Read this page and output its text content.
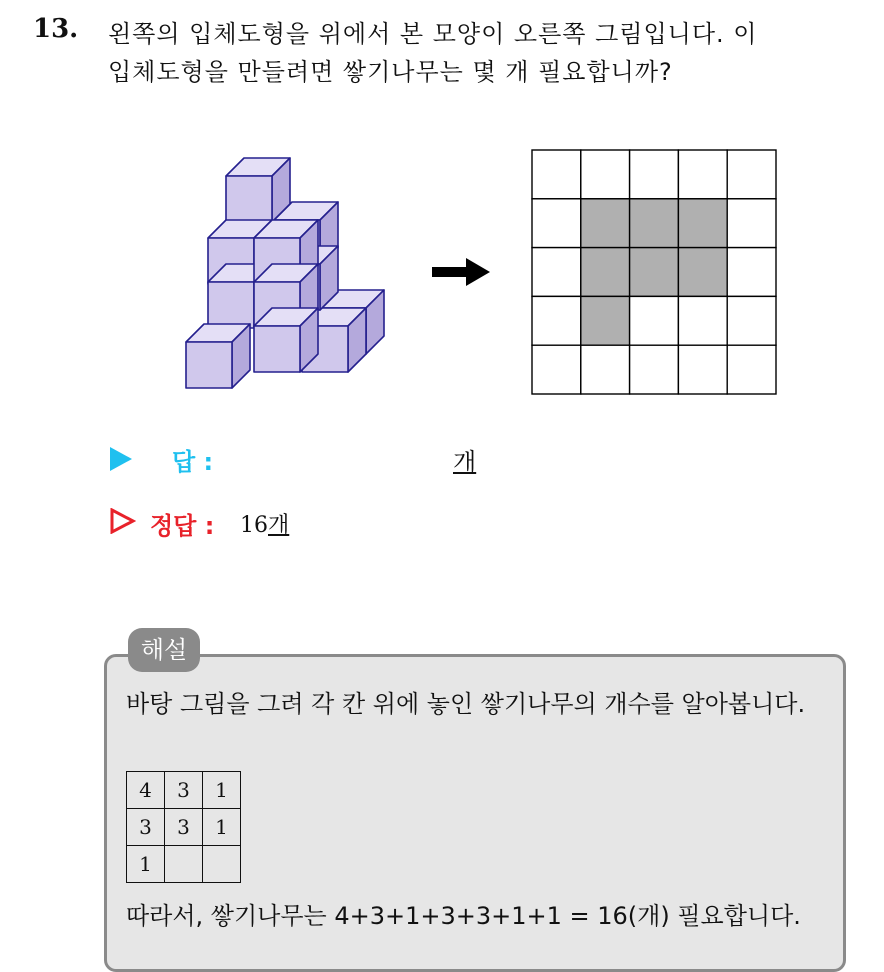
13. 왼쪽의 입체도형을 위에서 본 모양이 오른쪽 그림입니다. 이
입체도형을 만들려면 쌓기나무는 몇 개 필요합니까?
답 :	개
정답 : 16개
해설
바탕 그림을 그려 각 칸 위에 놓인 쌓기나무의 개수를 알아봅니다.
4	3	1
3	3	1
1		
따라서, 쌓기나무는 4+3+1+3+3+1+1 = 16(개) 필요합니다.
